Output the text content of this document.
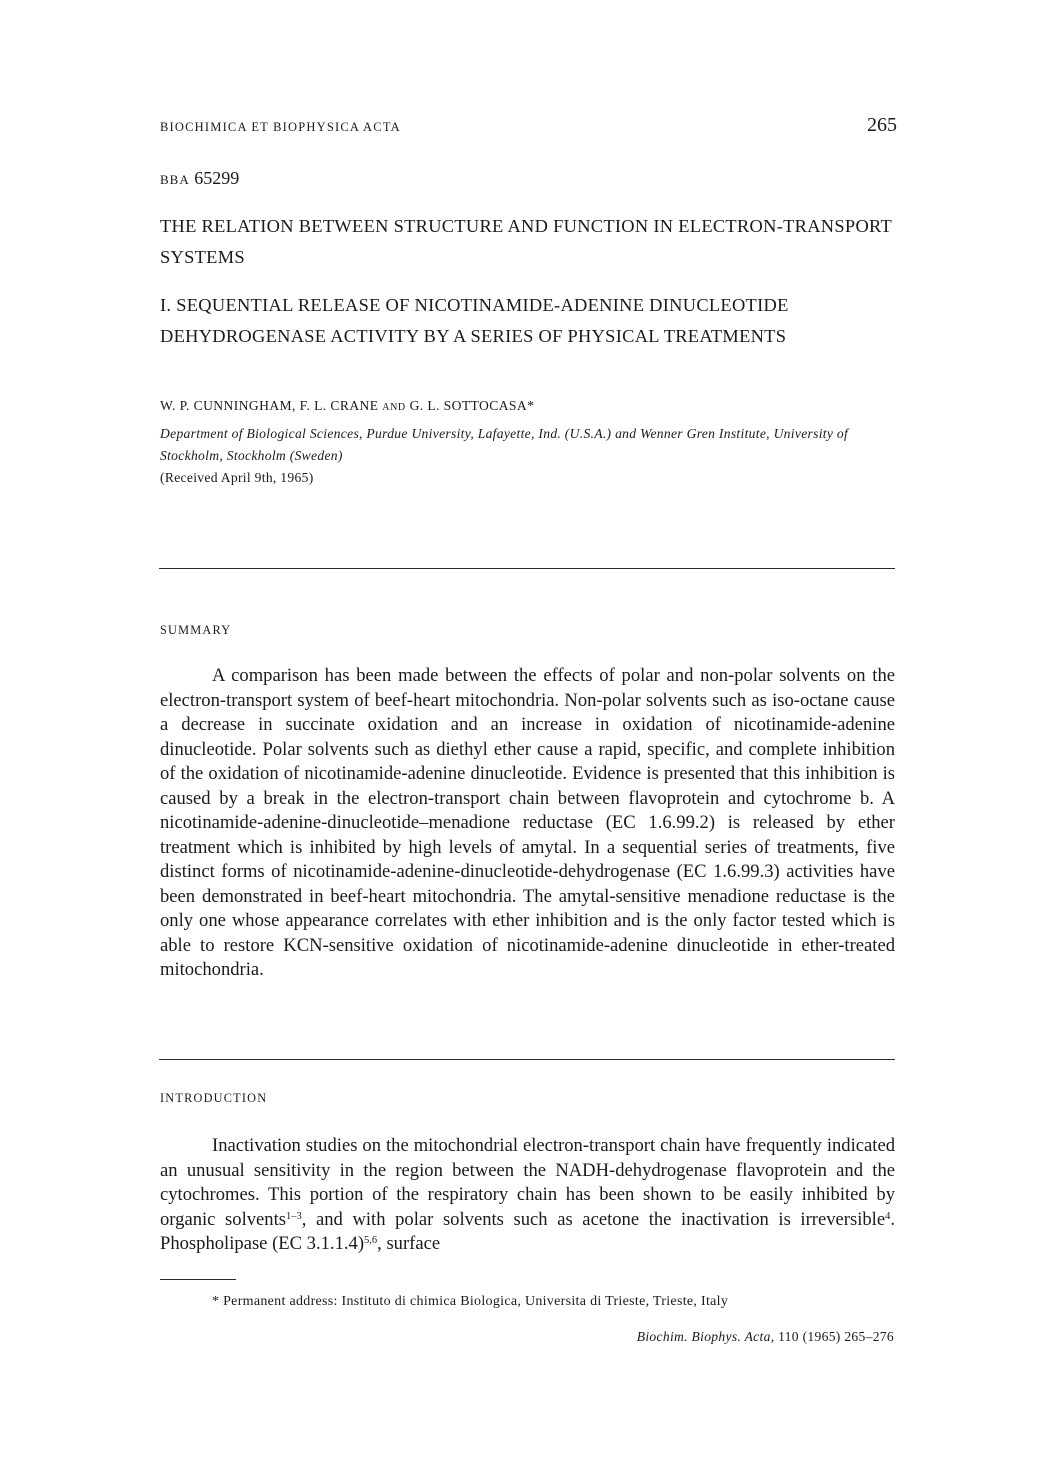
BIOCHIMICA ET BIOPHYSICA ACTA	265
BBA 65299
THE RELATION BETWEEN STRUCTURE AND FUNCTION IN ELECTRON-TRANSPORT SYSTEMS
I. SEQUENTIAL RELEASE OF NICOTINAMIDE-ADENINE DINUCLEOTIDE DEHYDROGENASE ACTIVITY BY A SERIES OF PHYSICAL TREATMENTS
W. P. CUNNINGHAM, F. L. CRANE AND G. L. SOTTOCASA*
Department of Biological Sciences, Purdue University, Lafayette, Ind. (U.S.A.) and Wenner Gren Institute, University of Stockholm, Stockholm (Sweden)
(Received April 9th, 1965)
SUMMARY
A comparison has been made between the effects of polar and non-polar solvents on the electron-transport system of beef-heart mitochondria. Non-polar solvents such as iso-octane cause a decrease in succinate oxidation and an increase in oxidation of nicotinamide-adenine dinucleotide. Polar solvents such as diethyl ether cause a rapid, specific, and complete inhibition of the oxidation of nicotinamide-adenine dinucleotide. Evidence is presented that this inhibition is caused by a break in the electron-transport chain between flavoprotein and cytochrome b. A nicotinamide-adenine-dinucleotide–menadione reductase (EC 1.6.99.2) is released by ether treatment which is inhibited by high levels of amytal. In a sequential series of treatments, five distinct forms of nicotinamide-adenine-dinucleotide-dehydrogenase (EC 1.6.99.3) activities have been demonstrated in beef-heart mitochondria. The amytal-sensitive menadione reductase is the only one whose appearance correlates with ether inhibition and is the only factor tested which is able to restore KCN-sensitive oxidation of nicotinamide-adenine dinucleotide in ether-treated mitochondria.
INTRODUCTION
Inactivation studies on the mitochondrial electron-transport chain have frequently indicated an unusual sensitivity in the region between the NADH-dehydrogenase flavoprotein and the cytochromes. This portion of the respiratory chain has been shown to be easily inhibited by organic solvents$^{1-3}$, and with polar solvents such as acetone the inactivation is irreversible$^4$. Phospholipase (EC 3.1.1.4)$^{5,6}$, surface
* Permanent address: Instituto di chimica Biologica, Universita di Trieste, Trieste, Italy
Biochim. Biophys. Acta, 110 (1965) 265–276
